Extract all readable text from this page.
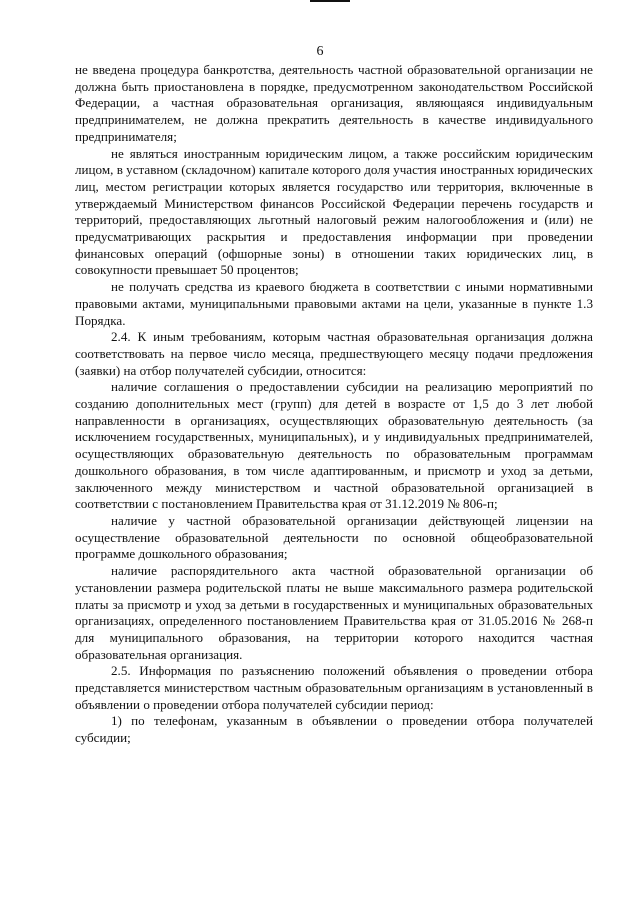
6

не введена процедура банкротства, деятельность частной образовательной организации не должна быть приостановлена в порядке, предусмотренном законодательством Российской Федерации, а частная образовательная организация, являющаяся индивидуальным предпринимателем, не должна прекратить деятельность в качестве индивидуального предпринимателя;

не являться иностранным юридическим лицом, а также российским юридическим лицом, в уставном (складочном) капитале которого доля участия иностранных юридических лиц, местом регистрации которых является государство или территория, включенные в утверждаемый Министерством финансов Российской Федерации перечень государств и территорий, предоставляющих льготный налоговый режим налогообложения и (или) не предусматривающих раскрытия и предоставления информации при проведении финансовых операций (офшорные зоны) в отношении таких юридических лиц, в совокупности превышает 50 процентов;

не получать средства из краевого бюджета в соответствии с иными нормативными правовыми актами, муниципальными правовыми актами на цели, указанные в пункте 1.3 Порядка.

2.4. К иным требованиям, которым частная образовательная организация должна соответствовать на первое число месяца, предшествующего месяцу подачи предложения (заявки) на отбор получателей субсидии, относится:

наличие соглашения о предоставлении субсидии на реализацию мероприятий по созданию дополнительных мест (групп) для детей в возрасте от 1,5 до 3 лет любой направленности в организациях, осуществляющих образовательную деятельность (за исключением государственных, муниципальных), и у индивидуальных предпринимателей, осуществляющих образовательную деятельность по образовательным программам дошкольного образования, в том числе адаптированным, и присмотр и уход за детьми, заключенного между министерством и частной образовательной организацией в соответствии с постановлением Правительства края от 31.12.2019 № 806-п;

наличие у частной образовательной организации действующей лицензии на осуществление образовательной деятельности по основной общеобразовательной программе дошкольного образования;

наличие распорядительного акта частной образовательной организации об установлении размера родительской платы не выше максимального размера родительской платы за присмотр и уход за детьми в государственных и муниципальных образовательных организациях, определенного постановлением Правительства края от 31.05.2016 № 268-п для муниципального образования, на территории которого находится частная образовательная организация.

2.5. Информация по разъяснению положений объявления о проведении отбора представляется министерством частным образовательным организациям в установленный в объявлении о проведении отбора получателей субсидии период:

1) по телефонам, указанным в объявлении о проведении отбора получателей субсидии;
